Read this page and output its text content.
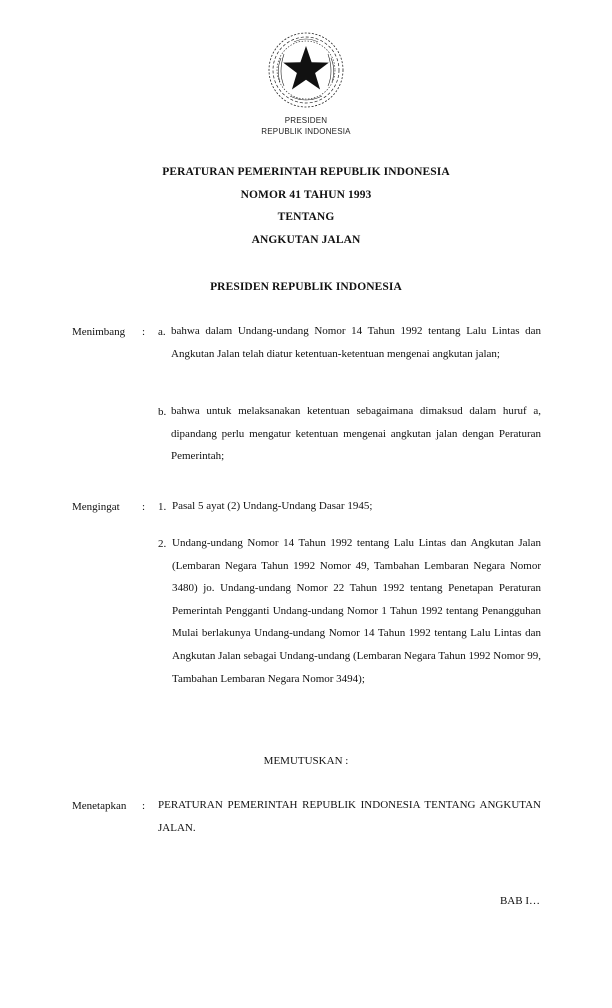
PRESIDEN
REPUBLIK INDONESIA
PERATURAN PEMERINTAH REPUBLIK INDONESIA
NOMOR 41 TAHUN 1993
TENTANG
ANGKUTAN JALAN
PRESIDEN REPUBLIK INDONESIA
Menimbang : a. bahwa dalam Undang-undang Nomor 14 Tahun 1992 tentang Lalu Lintas dan Angkutan Jalan telah diatur ketentuan-ketentuan mengenai angkutan jalan;
b. bahwa untuk melaksanakan ketentuan sebagaimana dimaksud dalam huruf a, dipandang perlu mengatur ketentuan mengenai angkutan jalan dengan Peraturan Pemerintah;
Mengingat : 1. Pasal 5 ayat (2) Undang-Undang Dasar 1945;
2. Undang-undang Nomor 14 Tahun 1992 tentang Lalu Lintas dan Angkutan Jalan (Lembaran Negara Tahun 1992 Nomor 49, Tambahan Lembaran Negara Nomor 3480) jo. Undang-undang Nomor 22 Tahun 1992 tentang Penetapan Peraturan Pemerintah Pengganti Undang-undang Nomor 1 Tahun 1992 tentang Penangguhan Mulai berlakunya Undang-undang Nomor 14 Tahun 1992 tentang Lalu Lintas dan Angkutan Jalan sebagai Undang-undang (Lembaran Negara Tahun 1992 Nomor 99, Tambahan Lembaran Negara Nomor 3494);
MEMUTUSKAN :
Menetapkan : PERATURAN PEMERINTAH REPUBLIK INDONESIA TENTANG ANGKUTAN JALAN.
BAB I…
